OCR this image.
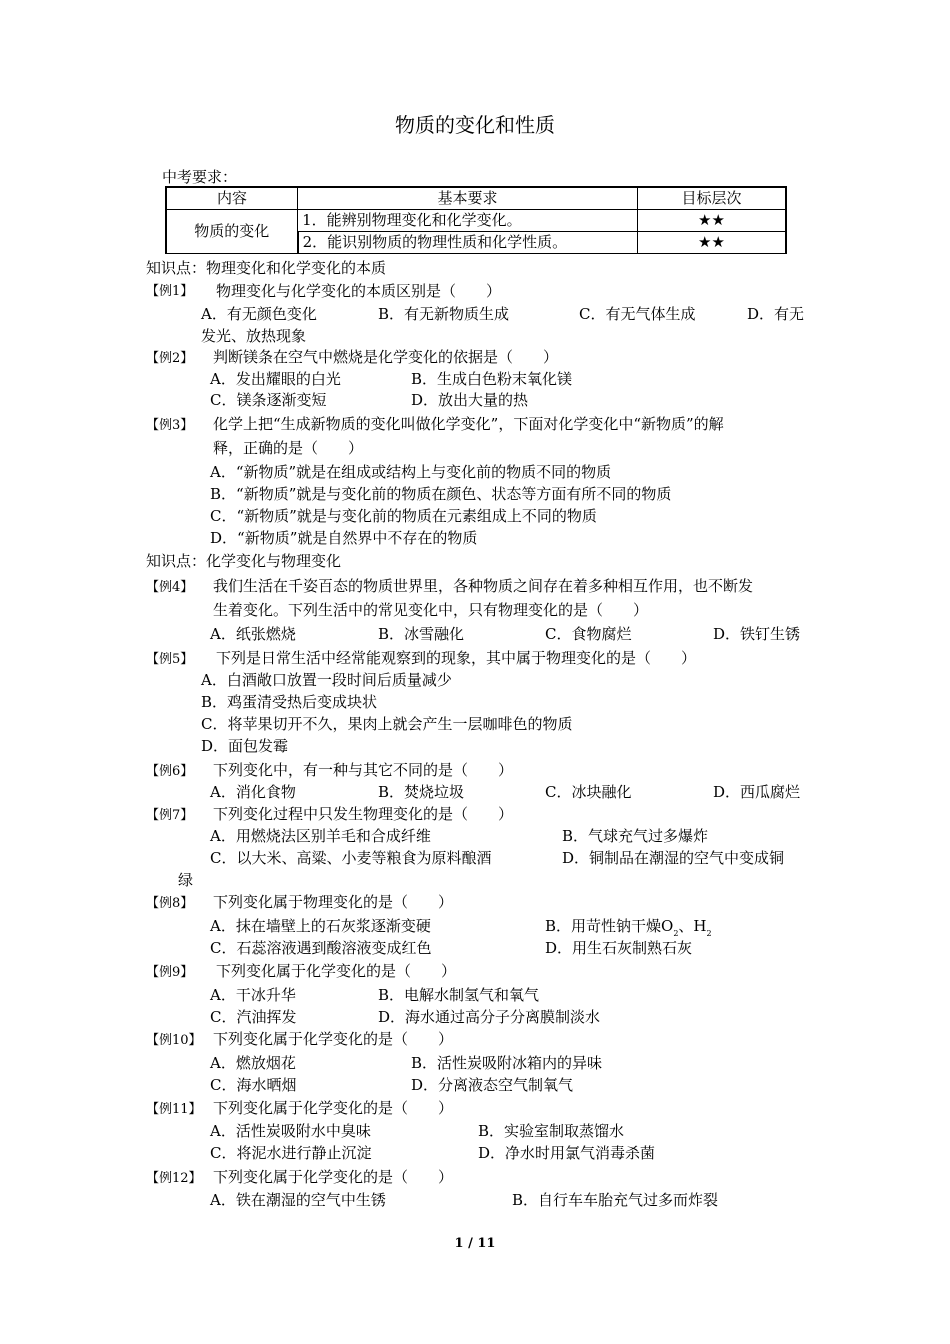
物质的变化和性质
中考要求：
内容	基本要求	目标层次
物质的变化	1．能辨别物理变化和化学变化。	★★
	2．能识别物质的物理性质和化学性质。	★★
知识点：物理变化和化学变化的本质
【例1】 物理变化与化学变化的本质区别是（　　）
A．有无颜色变化	B．有无新物质生成	C．有无气体生成	D．有无
发光、放热现象
【例2】 判断镁条在空气中燃烧是化学变化的依据是（　　）
A．发出耀眼的白光	B．生成白色粉末氧化镁
C．镁条逐渐变短	D．放出大量的热
【例3】 化学上把“生成新物质的变化叫做化学变化”，下面对化学变化中“新物质”的解
释，正确的是（　　）
A．“新物质”就是在组成或结构上与变化前的物质不同的物质
B．“新物质”就是与变化前的物质在颜色、状态等方面有所不同的物质
C．“新物质”就是与变化前的物质在元素组成上不同的物质
D．“新物质”就是自然界中不存在的物质
知识点：化学变化与物理变化
【例4】 我们生活在千姿百态的物质世界里，各种物质之间存在着多种相互作用，也不断发
生着变化。下列生活中的常见变化中，只有物理变化的是（　　）
A．纸张燃烧	B．冰雪融化	C．食物腐烂	D．铁钉生锈
【例5】 下列是日常生活中经常能观察到的现象，其中属于物理变化的是（　　）
A．白酒敞口放置一段时间后质量减少
B．鸡蛋清受热后变成块状
C．将苹果切开不久，果肉上就会产生一层咖啡色的物质
D．面包发霉
【例6】 下列变化中，有一种与其它不同的是（　　）
A．消化食物	B．焚烧垃圾	C．冰块融化	D．西瓜腐烂
【例7】 下列变化过程中只发生物理变化的是（　　）
A．用燃烧法区别羊毛和合成纤维	B．气球充气过多爆炸
C．以大米、高粱、小麦等粮食为原料酿酒	D．铜制品在潮湿的空气中变成铜
绿
【例8】 下列变化属于物理变化的是（　　）
A．抹在墙壁上的石灰浆逐渐变硬	B．用苛性钠干燥$O_2$、$H_2$
C．石蕊溶液遇到酸溶液变成红色	D．用生石灰制熟石灰
【例9】 下列变化属于化学变化的是（　　）
A．干冰升华	B．电解水制氢气和氧气
C．汽油挥发	D．海水通过高分子分离膜制淡水
【例10】 下列变化属于化学变化的是（　　）
A．燃放烟花	B．活性炭吸附冰箱内的异味
C．海水晒烟	D．分离液态空气制氧气
【例11】 下列变化属于化学变化的是（　　）
A．活性炭吸附水中臭味	B．实验室制取蒸馏水
C．将泥水进行静止沉淀	D．净水时用氯气消毒杀菌
【例12】 下列变化属于化学变化的是（　　）
A．铁在潮湿的空气中生锈	B．自行车车胎充气过多而炸裂
1 / 11
